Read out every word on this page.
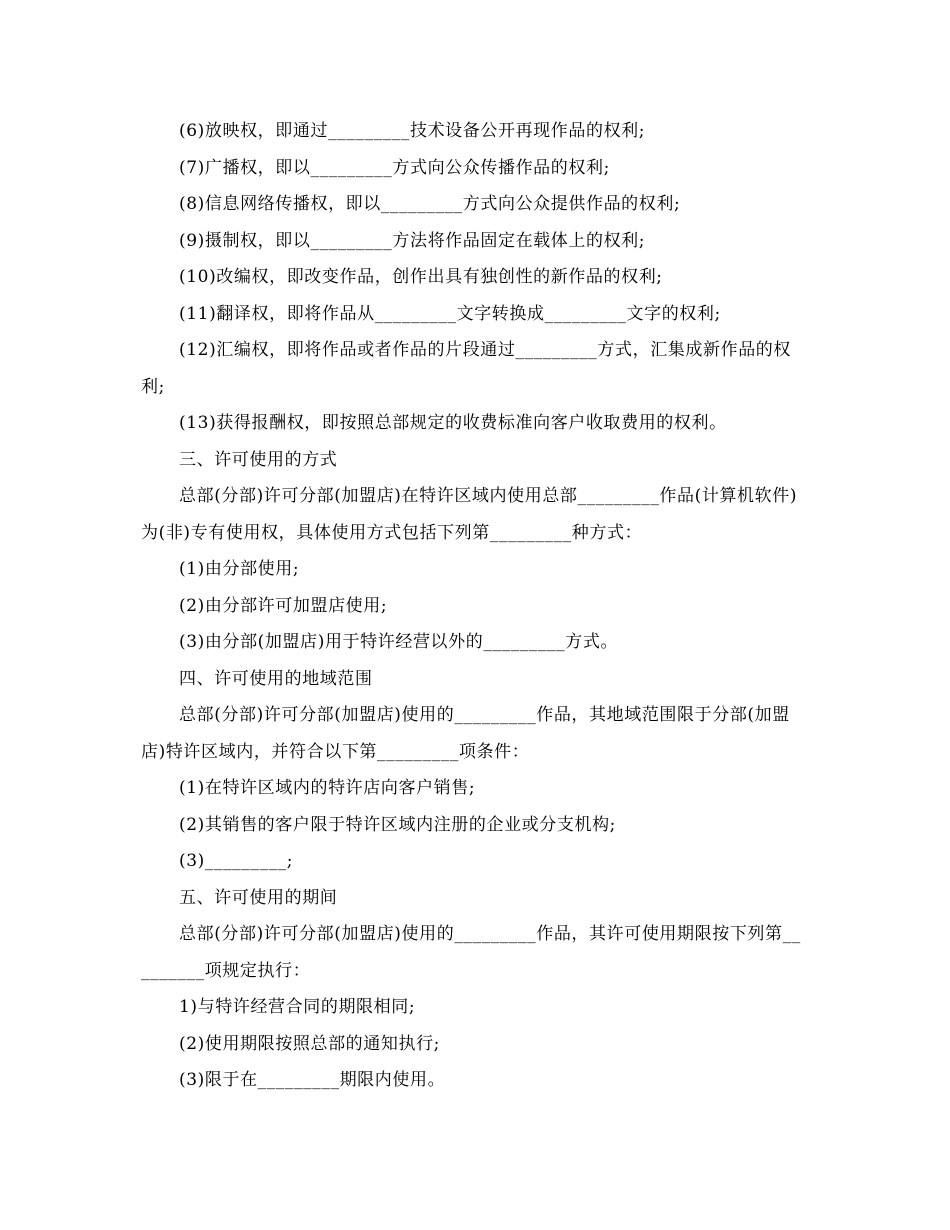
(6)放映权，即通过_________技术设备公开再现作品的权利;

(7)广播权，即以_________方式向公众传播作品的权利;

(8)信息网络传播权，即以_________方式向公众提供作品的权利;

(9)摄制权，即以_________方法将作品固定在载体上的权利;

(10)改编权，即改变作品，创作出具有独创性的新作品的权利;

(11)翻译权，即将作品从_________文字转换成_________文字的权利;

(12)汇编权，即将作品或者作品的片段通过_________方式，汇集成新作品的权利;

(13)获得报酬权，即按照总部规定的收费标准向客户收取费用的权利。

三、许可使用的方式

总部(分部)许可分部(加盟店)在特许区域内使用总部_________作品(计算机软件)为(非)专有使用权，具体使用方式包括下列第_________种方式：

(1)由分部使用;

(2)由分部许可加盟店使用;

(3)由分部(加盟店)用于特许经营以外的_________方式。

四、许可使用的地域范围

总部(分部)许可分部(加盟店)使用的_________作品，其地域范围限于分部(加盟店)特许区域内，并符合以下第_________项条件：

(1)在特许区域内的特许店向客户销售;

(2)其销售的客户限于特许区域内注册的企业或分支机构;

(3)_________;

五、许可使用的期间

总部(分部)许可分部(加盟店)使用的_________作品，其许可使用期限按下列第_________项规定执行：

1)与特许经营合同的期限相同;

(2)使用期限按照总部的通知执行;

(3)限于在_________期限内使用。
